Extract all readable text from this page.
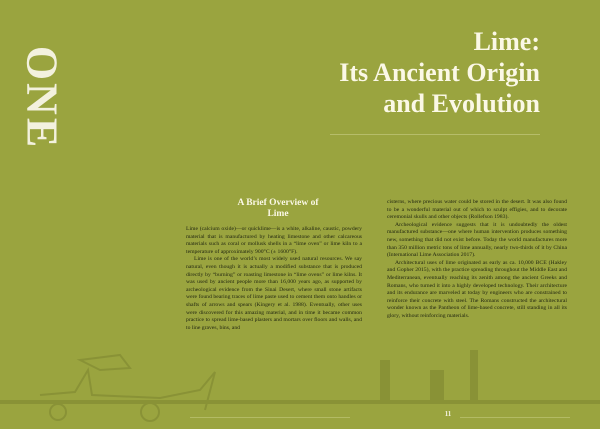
ONE
Lime:
Its Ancient Origin
and Evolution
A Brief Overview of
Lime

Lime (calcium oxide)—or quicklime—is a white, alkaline, caustic, powdery material that is manufactured by heating limestone and other calcareous materials such as coral or mollusk shells in a “lime oven” or lime kiln to a temperature of approximately 900°C (± 1600°F).

Lime is one of the world’s most widely used natural resources. We say natural, even though it is actually a modified substance that is produced directly by “burning” or roasting limestone in “lime ovens” or lime kilns. It was used by ancient people more than 16,000 years ago, as supported by archeological evidence from the Sinai Desert, where small stone artifacts were found bearing traces of lime paste used to cement them onto handles or shafts of arrows and spears (Kingery et al. 1988). Eventually, other uses were discovered for this amazing material, and in time it became common practice to spread lime-based plasters and mortars over floors and walls, and to line graves, bins, and

cisterns, where precious water could be stored in the desert. It was also found to be a wonderful material out of which to sculpt effigies, and to decorate ceremonial skulls and other objects (Rollefson 1983).

Archeological evidence suggests that it is undoubtedly the oldest manufactured substance—one where human intervention produces something new, something that did not exist before. Today the world manufactures more than 350 million metric tons of lime annually, nearly two-thirds of it by China (International Lime Association 2017).

Architectural uses of lime originated as early as ca. 10,000 BCE (Hakley and Gopher 2015), with the practice spreading throughout the Middle East and Mediterranean, eventually reaching its zenith among the ancient Greeks and Romans, who turned it into a highly developed technology. Their architecture and its endurance are marveled at today by engineers who are constrained to reinforce their concrete with steel. The Romans constructed the architectural wonder known as the Pantheon of lime-based concrete, still standing in all its glory, without reinforcing materials.

11
